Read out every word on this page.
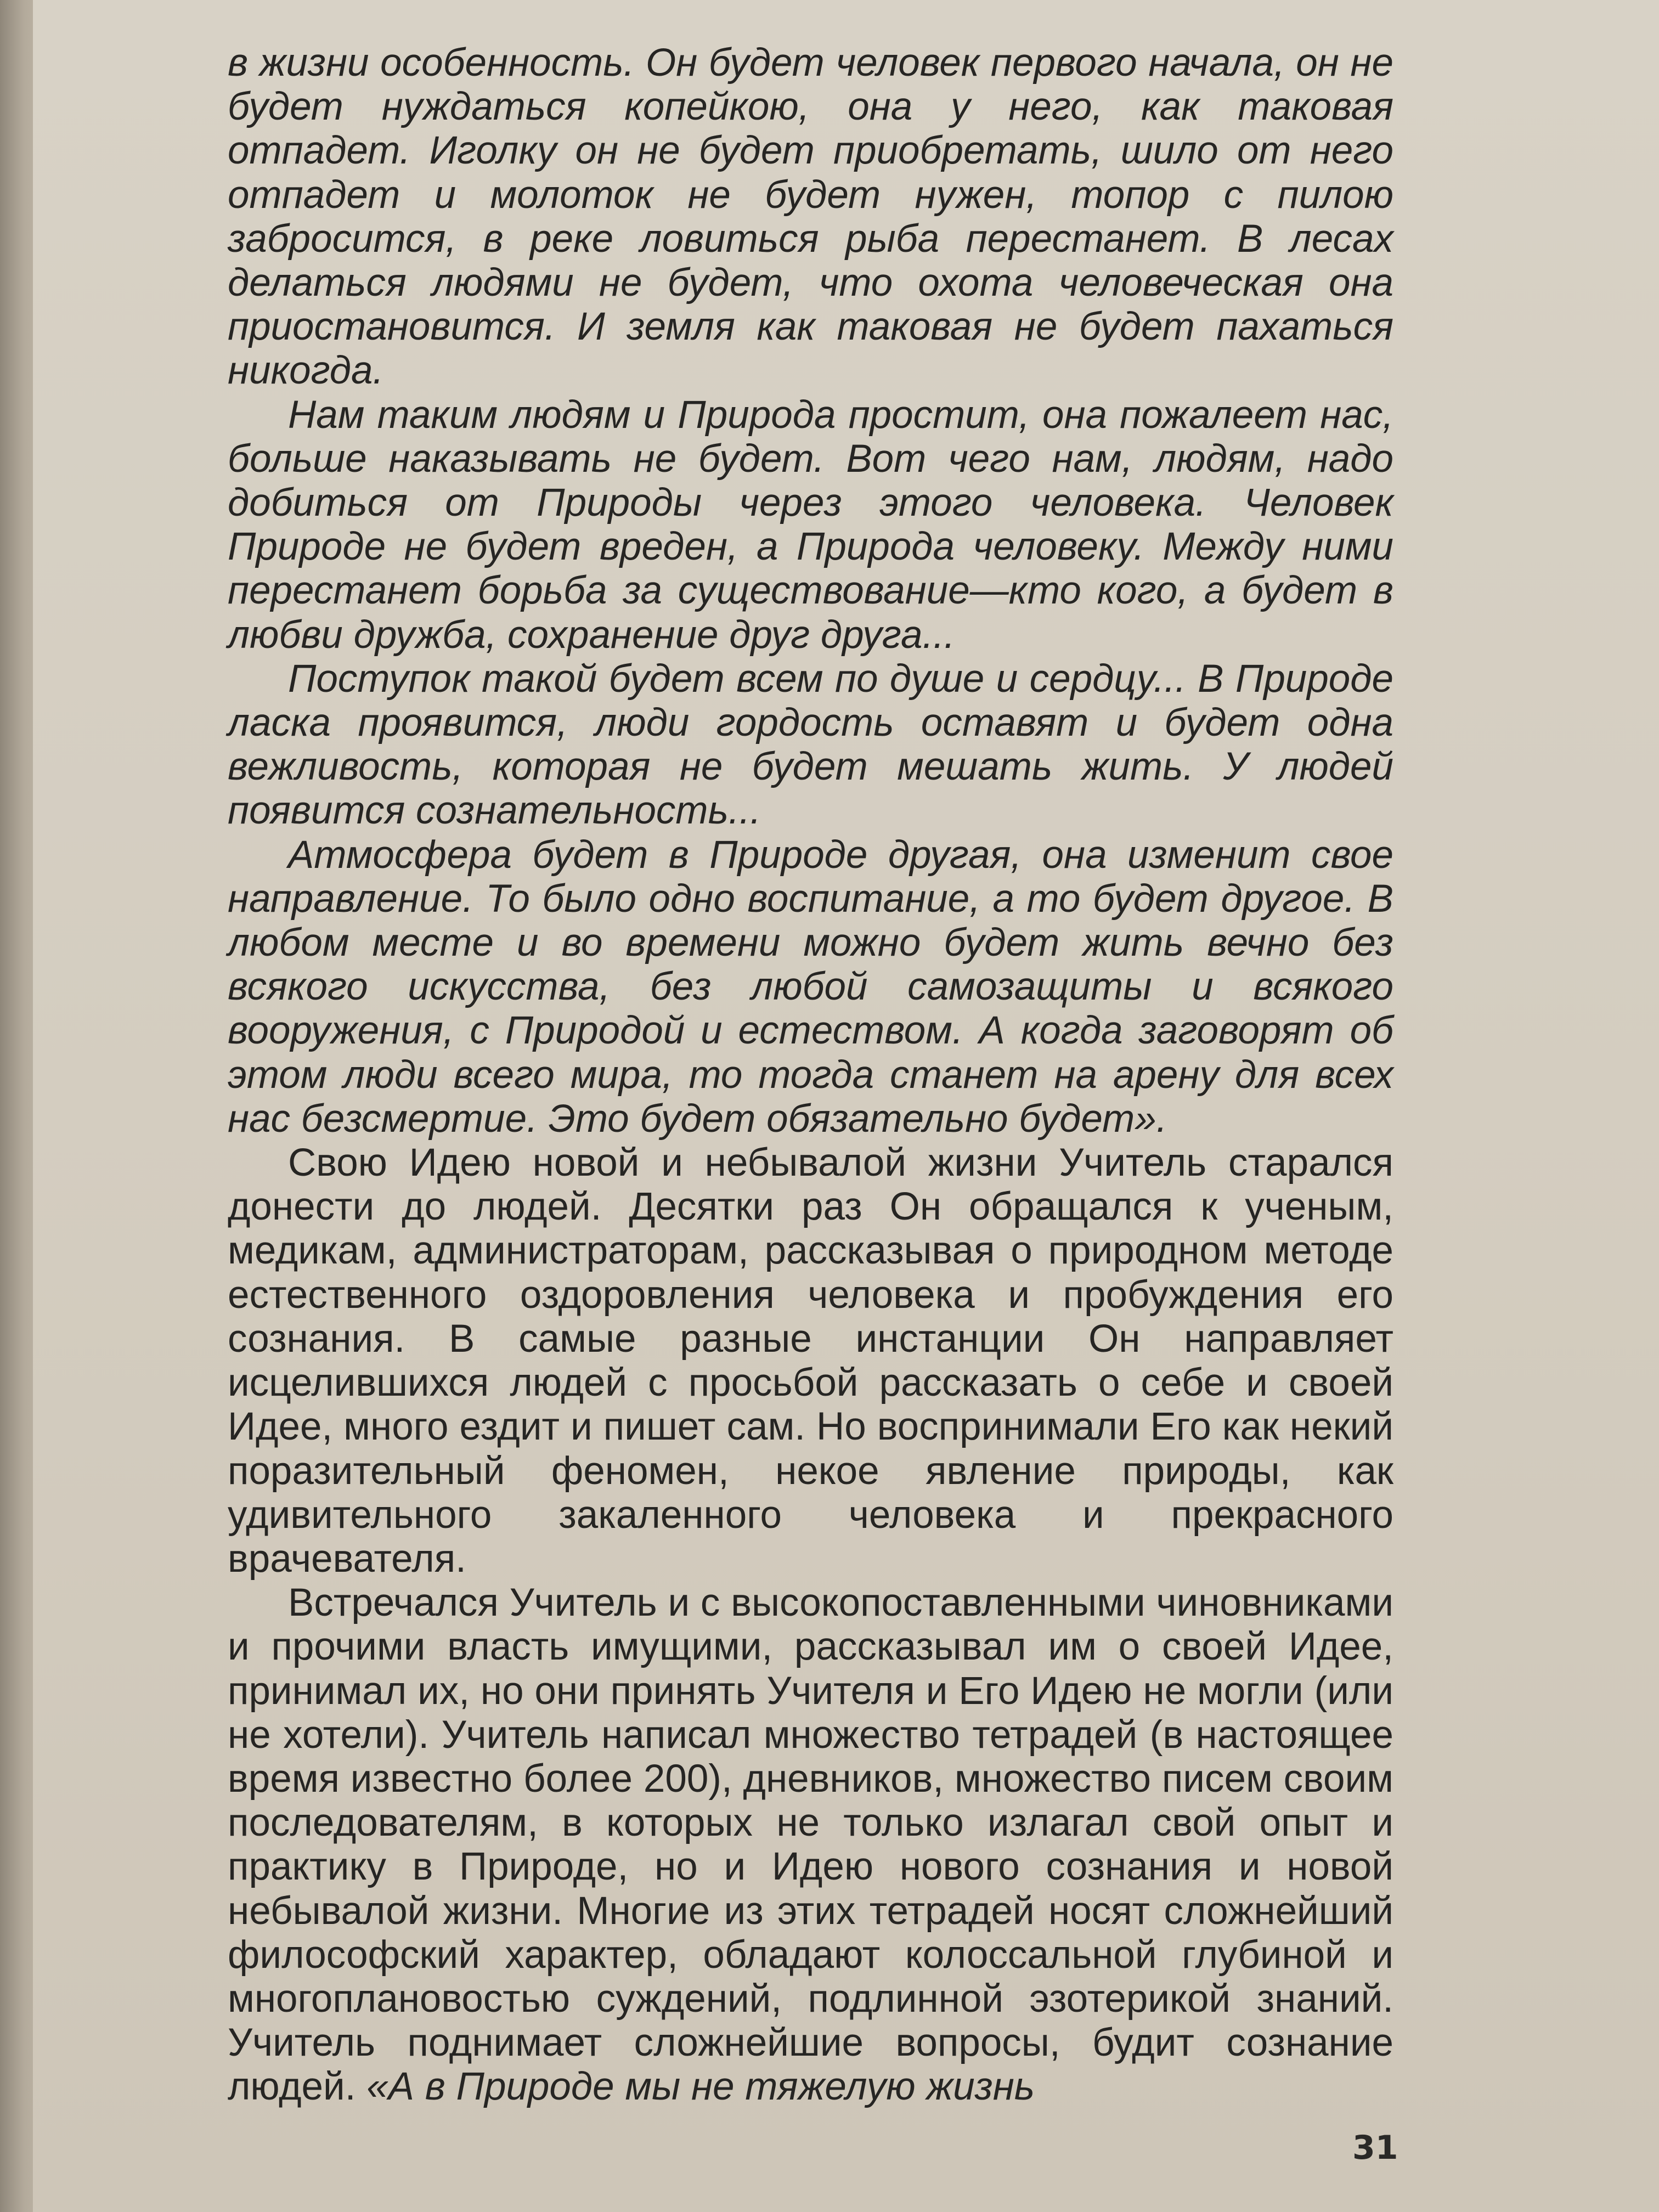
в жизни особенность. Он будет человек первого начала, он не будет нуждаться копейкою, она у него, как таковая отпадет. Иголку он не будет приобретать, шило от него отпадет и молоток не будет нужен, топор с пилою забросится, в реке ловиться рыба перестанет. В лесах делаться людями не будет, что охота человеческая она приостановится. И земля как таковая не будет пахаться никогда.

Нам таким людям и Природа простит, она пожалеет нас, больше наказывать не будет. Вот чего нам, людям, надо добиться от Природы через этого человека. Человек Природе не будет вреден, а Природа человеку. Между ними перестанет борьба за существование—кто кого, а будет в любви дружба, сохранение друг друга...

Поступок такой будет всем по душе и сердцу... В Природе ласка проявится, люди гордость оставят и будет одна вежливость, которая не будет мешать жить. У людей появится сознательность...

Атмосфера будет в Природе другая, она изменит свое направление. То было одно воспитание, а то будет другое. В любом месте и во времени можно будет жить вечно без всякого искусства, без любой самозащиты и всякого вооружения, с Природой и естеством. А когда заговорят об этом люди всего мира, то тогда станет на арену для всех нас безсмертие. Это будет обязательно будет».

Свою Идею новой и небывалой жизни Учитель старался донести до людей. Десятки раз Он обращался к ученым, медикам, администраторам, рассказывая о природном методе естественного оздоровления человека и пробуждения его сознания. В самые разные инстанции Он направляет исцелившихся людей с просьбой рассказать о себе и своей Идее, много ездит и пишет сам. Но воспринимали Его как некий поразительный феномен, некое явление природы, как удивительного закаленного человека и прекрасного врачевателя.

Встречался Учитель и с высокопоставленными чиновниками и прочими власть имущими, рассказывал им о своей Идее, принимал их, но они принять Учителя и Его Идею не могли (или не хотели). Учитель написал множество тетрадей (в настоящее время известно более 200), дневников, множество писем своим последователям, в которых не только излагал свой опыт и практику в Природе, но и Идею нового сознания и новой небывалой жизни. Многие из этих тетрадей носят сложнейший философский характер, обладают колоссальной глубиной и многоплановостью суждений, подлинной эзотерикой знаний. Учитель поднимает сложнейшие вопросы, будит сознание людей. «А в Природе мы не тяжелую жизнь

31
